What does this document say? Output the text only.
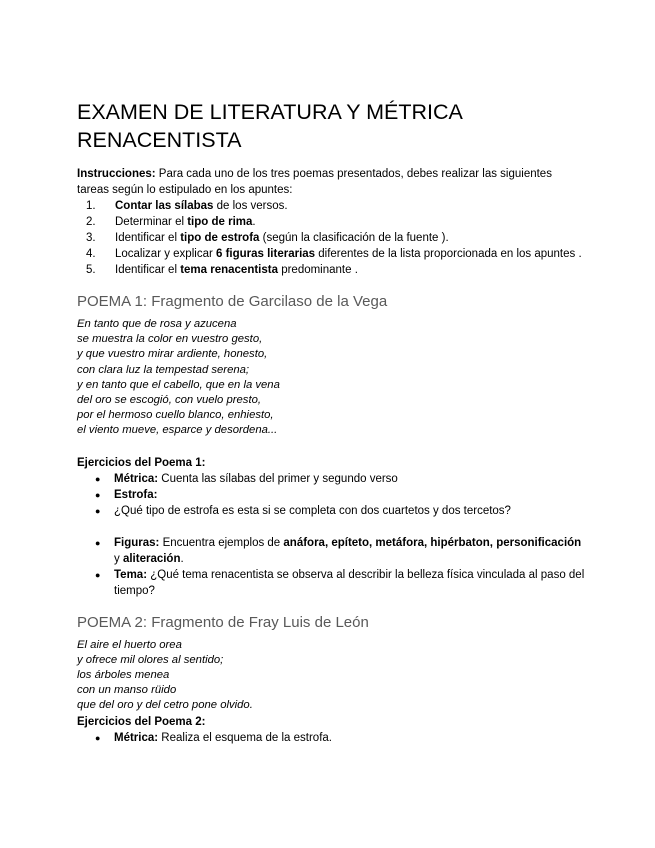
EXAMEN DE LITERATURA Y MÉTRICA RENACENTISTA
Instrucciones: Para cada uno de los tres poemas presentados, debes realizar las siguientes tareas según lo estipulado en los apuntes:
1. Contar las sílabas de los versos.
2. Determinar el tipo de rima.
3. Identificar el tipo de estrofa (según la clasificación de la fuente ).
4. Localizar y explicar 6 figuras literarias diferentes de la lista proporcionada en los apuntes .
5. Identificar el tema renacentista predominante .
POEMA 1: Fragmento de Garcilaso de la Vega
En tanto que de rosa y azucena
se muestra la color en vuestro gesto,
y que vuestro mirar ardiente, honesto,
con clara luz la tempestad serena;
y en tanto que el cabello, que en la vena
del oro se escogió, con vuelo presto,
por el hermoso cuello blanco, enhiesto,
el viento mueve, esparce y desordena...
Ejercicios del Poema 1:
● Métrica: Cuenta las sílabas del primer y segundo verso
● Estrofa:
● ¿Qué tipo de estrofa es esta si se completa con dos cuartetos y dos tercetos?
● Figuras: Encuentra ejemplos de anáfora, epíteto, metáfora, hipérbaton, personificación y aliteración.
● Tema: ¿Qué tema renacentista se observa al describir la belleza física vinculada al paso del tiempo?
POEMA 2: Fragmento de Fray Luis de León
El aire el huerto orea
y ofrece mil olores al sentido;
los árboles menea
con un manso rüido
que del oro y del cetro pone olvido.
Ejercicios del Poema 2:
● Métrica: Realiza el esquema de la estrofa.
